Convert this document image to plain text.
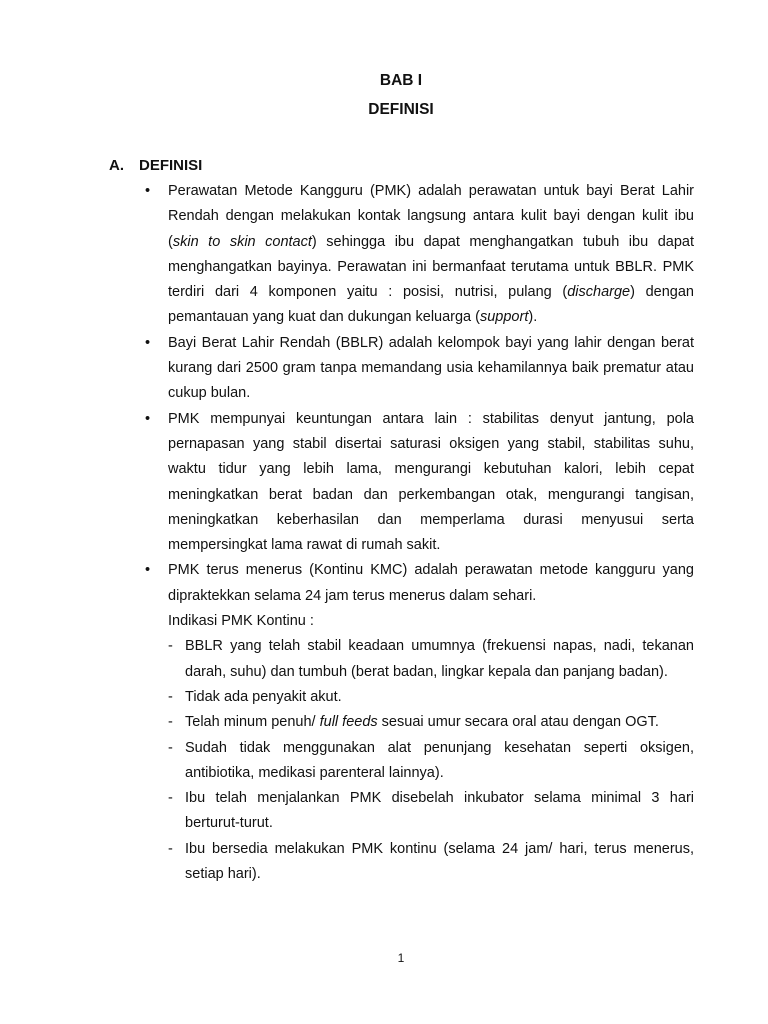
BAB I
DEFINISI
A. DEFINISI
• Perawatan Metode Kangguru (PMK) adalah perawatan untuk bayi Berat Lahir Rendah dengan melakukan kontak langsung antara kulit bayi dengan kulit ibu (skin to skin contact) sehingga ibu dapat menghangatkan tubuh ibu dapat menghangatkan bayinya. Perawatan ini bermanfaat terutama untuk BBLR. PMK terdiri dari 4 komponen yaitu : posisi, nutrisi, pulang (discharge) dengan pemantauan yang kuat dan dukungan keluarga (support).
• Bayi Berat Lahir Rendah (BBLR) adalah kelompok bayi yang lahir dengan berat kurang dari 2500 gram tanpa memandang usia kehamilannya baik prematur atau cukup bulan.
• PMK mempunyai keuntungan antara lain : stabilitas denyut jantung, pola pernapasan yang stabil disertai saturasi oksigen yang stabil, stabilitas suhu, waktu tidur yang lebih lama, mengurangi kebutuhan kalori, lebih cepat meningkatkan berat badan dan perkembangan otak, mengurangi tangisan, meningkatkan keberhasilan dan memperlama durasi menyusui serta mempersingkat lama rawat di rumah sakit.
• PMK terus menerus (Kontinu KMC) adalah perawatan metode kangguru yang dipraktekkan selama 24 jam terus menerus dalam sehari.
Indikasi PMK Kontinu :
- BBLR yang telah stabil keadaan umumnya (frekuensi napas, nadi, tekanan darah, suhu) dan tumbuh (berat badan, lingkar kepala dan panjang badan).
- Tidak ada penyakit akut.
- Telah minum penuh/ full feeds sesuai umur secara oral atau dengan OGT.
- Sudah tidak menggunakan alat penunjang kesehatan seperti oksigen, antibiotika, medikasi parenteral lainnya).
- Ibu telah menjalankan PMK disebelah inkubator selama minimal 3 hari berturut-turut.
- Ibu bersedia melakukan PMK kontinu (selama 24 jam/ hari, terus menerus, setiap hari).
1
